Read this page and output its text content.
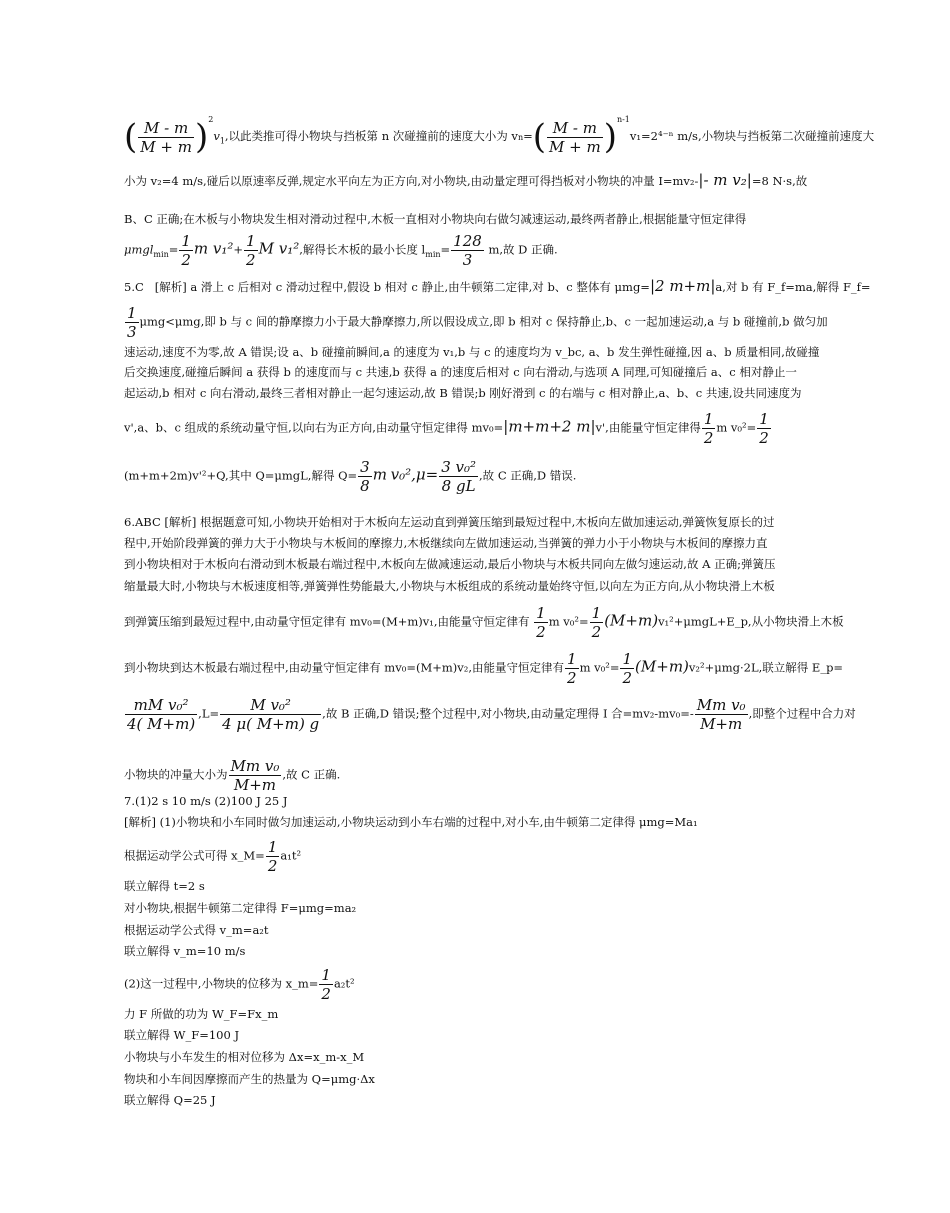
( $\frac{M - m}{M + m} )^2v_1$,以此类推可得小物块与挡板第 n 次碰撞前的速度大小为 $vn=( \frac{M - m}{M + m} )^{n-1}v_1=2^{4-n}$ m/s,小物块与挡板第二次碰撞前速度大
小为 v₂=4 m/s,碰后以原速率反弹,规定水平向左为正方向,对小物块,由动量定理可得挡板对小物块的冲量 I=mv₂-|- m v₂|=8 N·s,故
B、C 正确;在木板与小物块发生相对滑动过程中,木板一直相对小物块向右做匀减速运动,最终两者静止,根据能量守恒定律得
$\mu mgl_{min}= \frac{1}{2}$ m $v_1^2+ \frac{1}{2}$ M v₁²,解得长木板的最小长度 $l_{min}= \frac{128}{3} m$,故 D 正确.
5.C [解析] a 滑上 c 后相对 c 滑动过程中,假设 b 相对 c 静止,由牛顿第二定律,对 b、c 整体有 μmg=|2 m+m|a,对 b 有 F_f=ma,解得 F_f=
$\frac{1}{3} \mu mg<\mu mg$,即 b 与 c 间的静摩擦力小于最大静摩擦力,所以假设成立,即 b 相对 c 保持静止,b、c 一起加速运动,a 与 b 碰撞前,b 做匀加
速运动,速度不为零,故 A 错误;设 a、b 碰撞前瞬间,a 的速度为 v₁,b 与 c 的速度均为 v_bc, a、b 发生弹性碰撞,因 a、b 质量相同,故碰撞
后交换速度,碰撞后瞬间 a 获得 b 的速度而与 c 共速,b 获得 a 的速度后相对 c 向右滑动,与选项 A 同理,可知碰撞后 a、c 相对静止一
起运动,b 相对 c 向右滑动,最终三者相对静止一起匀速运动,故 B 错误;b 刚好滑到 c 的右端与 c 相对静止,a、b、c 共速,设共同速度为
v',a、b、c 组成的系统动量守恒,以向右为正方向,由动量守恒定律得 mv₀=|m+m+2 m|v',由能量守恒定律得 $\frac{1}{2}$ m $v_0^2= \frac{1}{2}$
(m+m+2m)v'²+Q,其中 Q=μmgL,解得 $Q= \frac{3}{8}$ m $v_0^2,\mu= \frac{\text{3 v₀²}}{8 gL}$ ,故 C 正确,D 错误.
6.ABC [解析] 根据题意可知,小物块开始相对于木板向左运动直到弹簧压缩到最短过程中,木板向左做加速运动,弹簧恢复原长的过
程中,开始阶段弹簧的弹力大于小物块与木板间的摩擦力,木板继续向左做加速运动,当弹簧的弹力小于小物块与木板间的摩擦力直
到小物块相对于木板向右滑动到木板最右端过程中,木板向左做减速运动,最后小物块与木板共同向左做匀速运动,故 A 正确;弹簧压
缩量最大时,小物块与木板速度相等,弹簧弹性势能最大,小物块与木板组成的系统动量始终守恒,以向左为正方向,从小物块滑上木板
到弹簧压缩到最短过程中,由动量守恒定律有 mv₀=(M+m)v₁,由能量守恒定律有 $\frac{1}{2}$ m $v_0^2= \frac{1}{2}$ (M+m)v₁²+μmgL+E_p,从小物块滑上木板
到小物块到达木板最右端过程中,由动量守恒定律有 mv₀=(M+m)v₂,由能量守恒定律有 $\frac{1}{2}$ m $v_0^2= \frac{1}{2} (M+m)v_2^2+\mu mg\cdot 2L$,联立解得 E_p=
$\frac{\text{mM v₀²}}{4( M+m)} ,L= \frac{\text{M v₀²}}{4 \mu( M+m) g}$ ,故 B 正确,D 错误;整个过程中,对小物块,由动量定理得 I 合$=mv_2-mv_0=- \frac{\text{Mm v₀}}{M+m}$ ,即整个过程中合力对
小物块的冲量大小为 $\frac{\text{Mm v₀}}{M+m}$ ,故 C 正确.
7.(1)2 s 10 m/s (2)100 J 25 J
[解析] (1)小物块和小车同时做匀加速运动,小物块运动到小车右端的过程中,对小车,由牛顿第二定律得 μmg=Ma₁
根据运动学公式可得 x_M= $\frac{1}{2} a_1t^2$
联立解得 t=2 s
对小物块,根据牛顿第二定律得 F=μmg=ma₂
根据运动学公式得 v_m=a₂t
联立解得 v_m=10 m/s
(2)这一过程中,小物块的位移为 x_m= $\frac{1}{2} a_2t^2$
力 F 所做的功为 W_F=Fx_m
联立解得 W_F=100 J
小物块与小车发生的相对位移为 Δx=x_m-x_M
物块和小车间因摩擦而产生的热量为 Q=μmg·Δx
联立解得 Q=25 J
